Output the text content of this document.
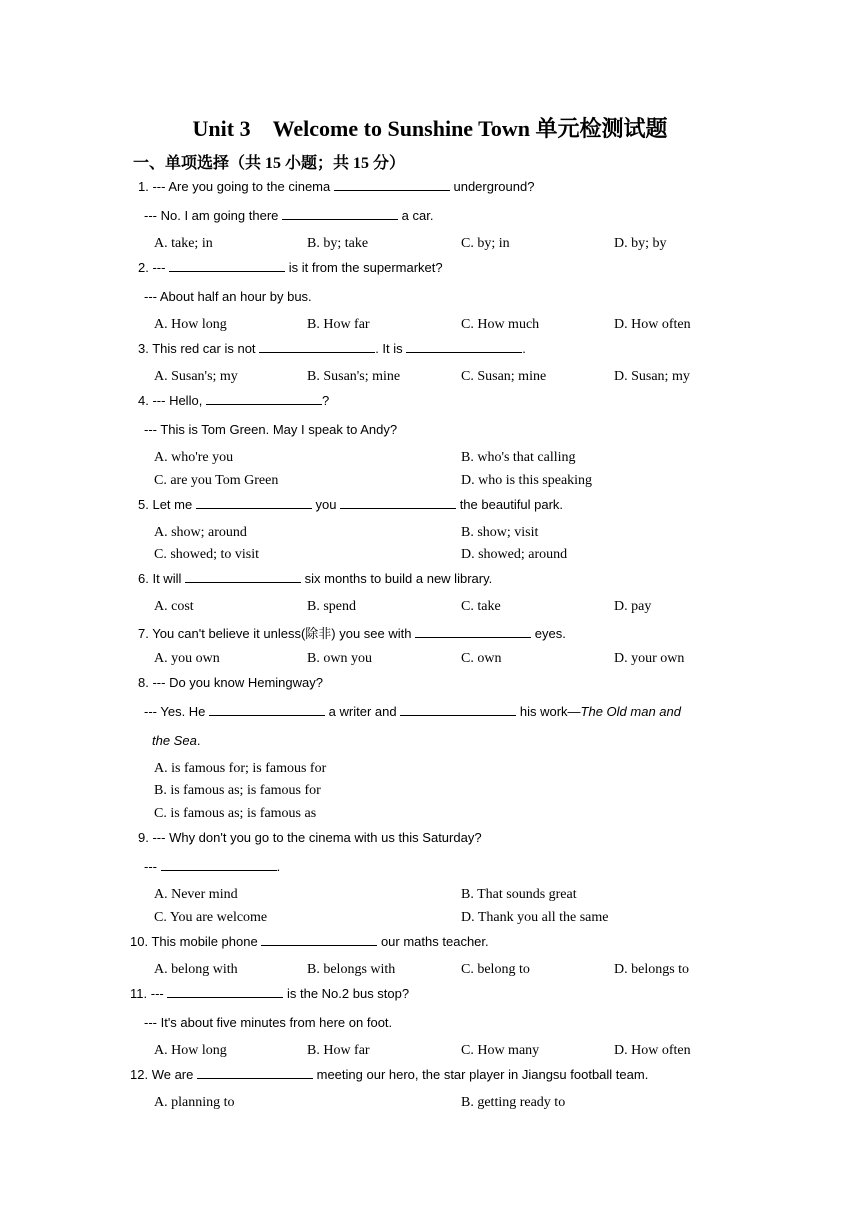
Unit 3　Welcome to Sunshine Town 单元检测试题
一、单项选择（共 15 小题；共 15 分）
1. --- Are you going to the cinema	underground?
--- No. I am going there	a car.
A. take; in	B. by; take	C. by; in	D. by; by
2. ---	is it from the supermarket?
--- About half an hour by bus.
A. How long	B. How far	C. How much	D. How often
3. This red car is not	. It is	.
A. Susan's; my	B. Susan's; mine	C. Susan; mine	D. Susan; my
4. --- Hello,	?
--- This is Tom Green. May I speak to Andy?
A. who're you	B. who's that calling
C. are you Tom Green	D. who is this speaking
5. Let me	you	the beautiful park.
A. show; around	B. show; visit
C. showed; to visit	D. showed; around
6. It will	six months to build a new library.
A. cost	B. spend	C. take	D. pay
7. You can't believe it unless(除非) you see with	eyes.
A. you own	B. own you	C. own	D. your own
8. --- Do you know Hemingway?
--- Yes. He	a writer and	his work—The Old man and
the Sea.
A. is famous for; is famous for
B. is famous as; is famous for
C. is famous as; is famous as
9. --- Why don't you go to the cinema with us this Saturday?
---	.
A. Never mind	B. That sounds great
C. You are welcome	D. Thank you all the same
10. This mobile phone	our maths teacher.
A. belong with	B. belongs with	C. belong to	D. belongs to
11. ---	is the No.2 bus stop?
--- It's about five minutes from here on foot.
A. How long	B. How far	C. How many	D. How often
12. We are	meeting our hero, the star player in Jiangsu football team.
A. planning to	B. getting ready to
